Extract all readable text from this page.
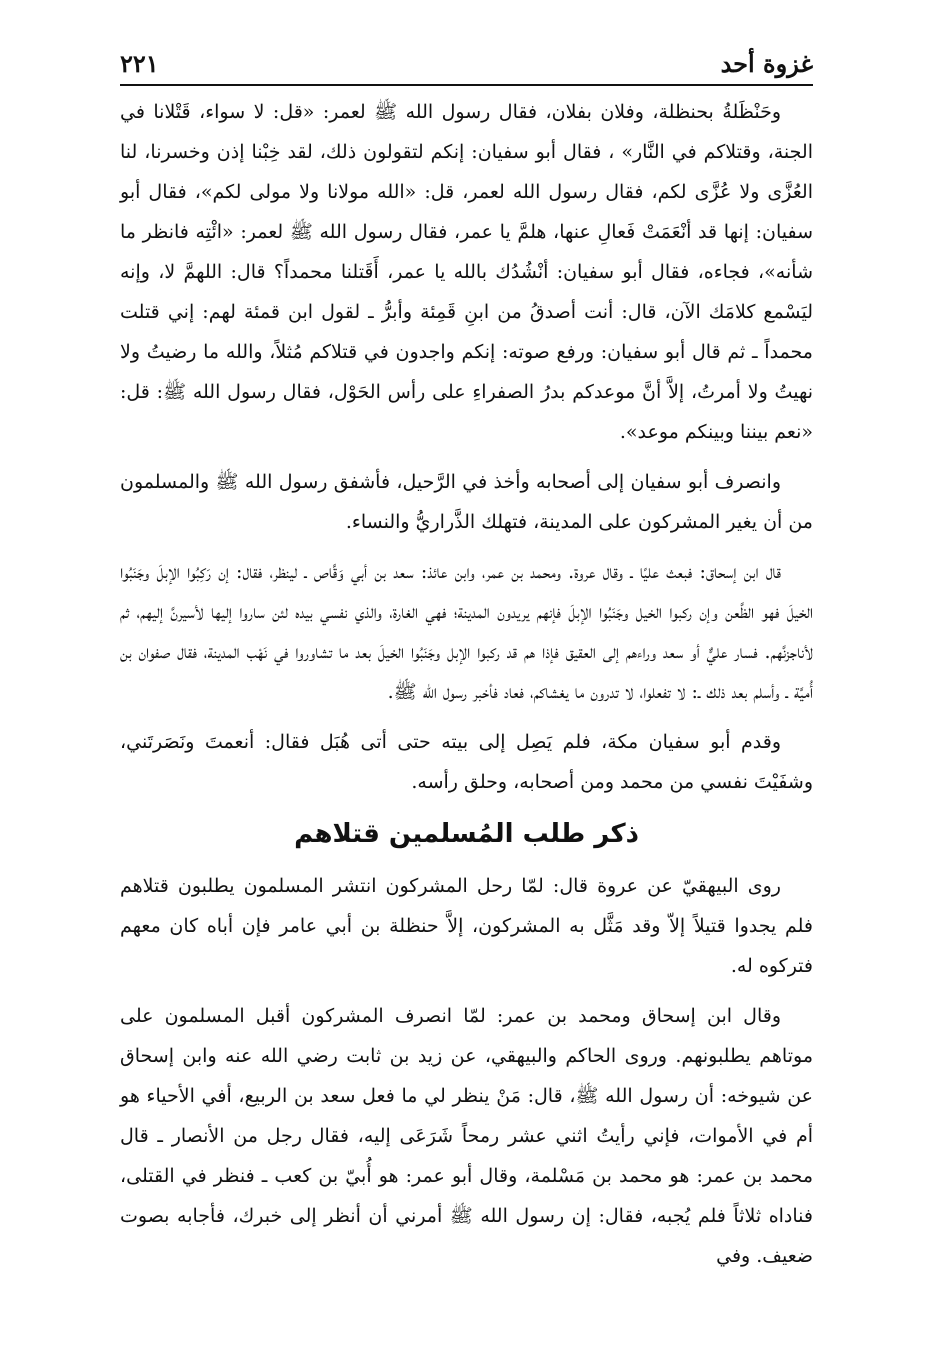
غزوة أحد
٢٢١

وحَنْظَلةُ بحنظلة، وفلان بفلان، فقال رسول الله ﷺ لعمر: «قل: لا سواء، قَتْلانا في الجنة، وقتلاكم في النَّار» ، فقال أبو سفيان: إنكم لتقولون ذلك، لقد خِبْنا إذن وخسرنا، لنا العُزَّى ولا عُزَّى لكم، فقال رسول الله لعمر، قل: «الله مولانا ولا مولى لكم»، فقال أبو سفيان: إنها قد أنْعَمَتْ فَعالِ عنها، هلمَّ يا عمر، فقال رسول الله ﷺ لعمر: «ائْتِه فانظر ما شأنه»، فجاءه، فقال أبو سفيان: أنْشُدُك بالله يا عمر، أَقَتلنا محمداً؟ قال: اللهمَّ لا، وإنه ليَسْمع كلامَك الآن، قال: أنت أصدقُ من ابنِ قَمِئة وأبرُّ ـ لقول ابن قمئة لهم: إني قتلت محمداً ـ ثم قال أبو سفيان: ورفع صوته: إنكم واجدون في قتلاكم مُثلاً، والله ما رضيتُ ولا نهيتُ ولا أمرتُ، إلاَّ أنَّ موعدكم بدرُ الصفراءِ على رأس الحَوْل، فقال رسول الله ﷺ: قل: «نعم بيننا وبينكم موعد».

وانصرف أبو سفيان إلى أصحابه وأخذ في الرَّحيل، فأشفق رسول الله ﷺ والمسلمون من أن يغير المشركون على المدينة، فتهلك الذَّراريُّ والنساء.

قال ابن إسحاق: فبعث عليًا ـ وقال عروة. ومحمد بن عمر، وابن عائذ: سعد بن أبي وَقَّاص ـ لينظر، فقال: إن رَكِبُوا الإبلَ وجَنَبُوا الخيلَ فهو الظَّعن وإن ركبوا الخيل وجَنَبُوا الإبلَ فإنهم يريدون المدينة؛ فهي الغارة، والذي نفسي بيده لئن ساروا إليها لأسيرنَّ إليهم، ثم لأناجزنَّهم. فسار عليٌّ أو سعد وراءهم إلى العقيق فإذا هم قد ركبوا الإبل وجَنَبُوا الخيلَ بعد ما تشاوروا في نَهْب المدينة، فقال صفوان بن أُميَّة ـ وأسلم بعد ذلك ـ: لا تفعلوا، لا تدرون ما يغشاكم، فعاد فأخبر رسول الله ﷺ.

وقدم أبو سفيان مكة، فلم يَصِل إلى بيته حتى أتى هُبَل فقال: أنعمتَ ونَصَرتَني، وشفَيْتَ نفسي من محمد ومن أصحابه، وحلق رأسه.

ذكر طلب المُسلمين قتلاهم

روى البيهقيّ عن عروة قال: لمّا رحل المشركون انتشر المسلمون يطلبون قتلاهم فلم يجدوا قتيلاً إلاّ وقد مَثَّل به المشركون، إلاَّ حنظلة بن أبي عامر فإن أباه كان معهم فتركوه له.

وقال ابن إسحاق ومحمد بن عمر: لمّا انصرف المشركون أقبل المسلمون على موتاهم يطلبونهم. وروى الحاكم والبيهقي، عن زيد بن ثابت رضي الله عنه وابن إسحاق عن شيوخه: أن رسول الله ﷺ، قال: مَنْ ينظر لي ما فعل سعد بن الربيع، أفي الأحياء هو أم في الأموات، فإني رأيتُ اثني عشر رمحاً شَرَعَى إليه، فقال رجل من الأنصار ـ قال محمد بن عمر: هو محمد بن مَسْلمة، وقال أبو عمر: هو أُبيّ بن كعب ـ فنظر في القتلى، فناداه ثلاثاً فلم يُجبه، فقال: إن رسول الله ﷺ أمرني أن أنظر إلى خبرك، فأجابه بصوت ضعيف. وفي
